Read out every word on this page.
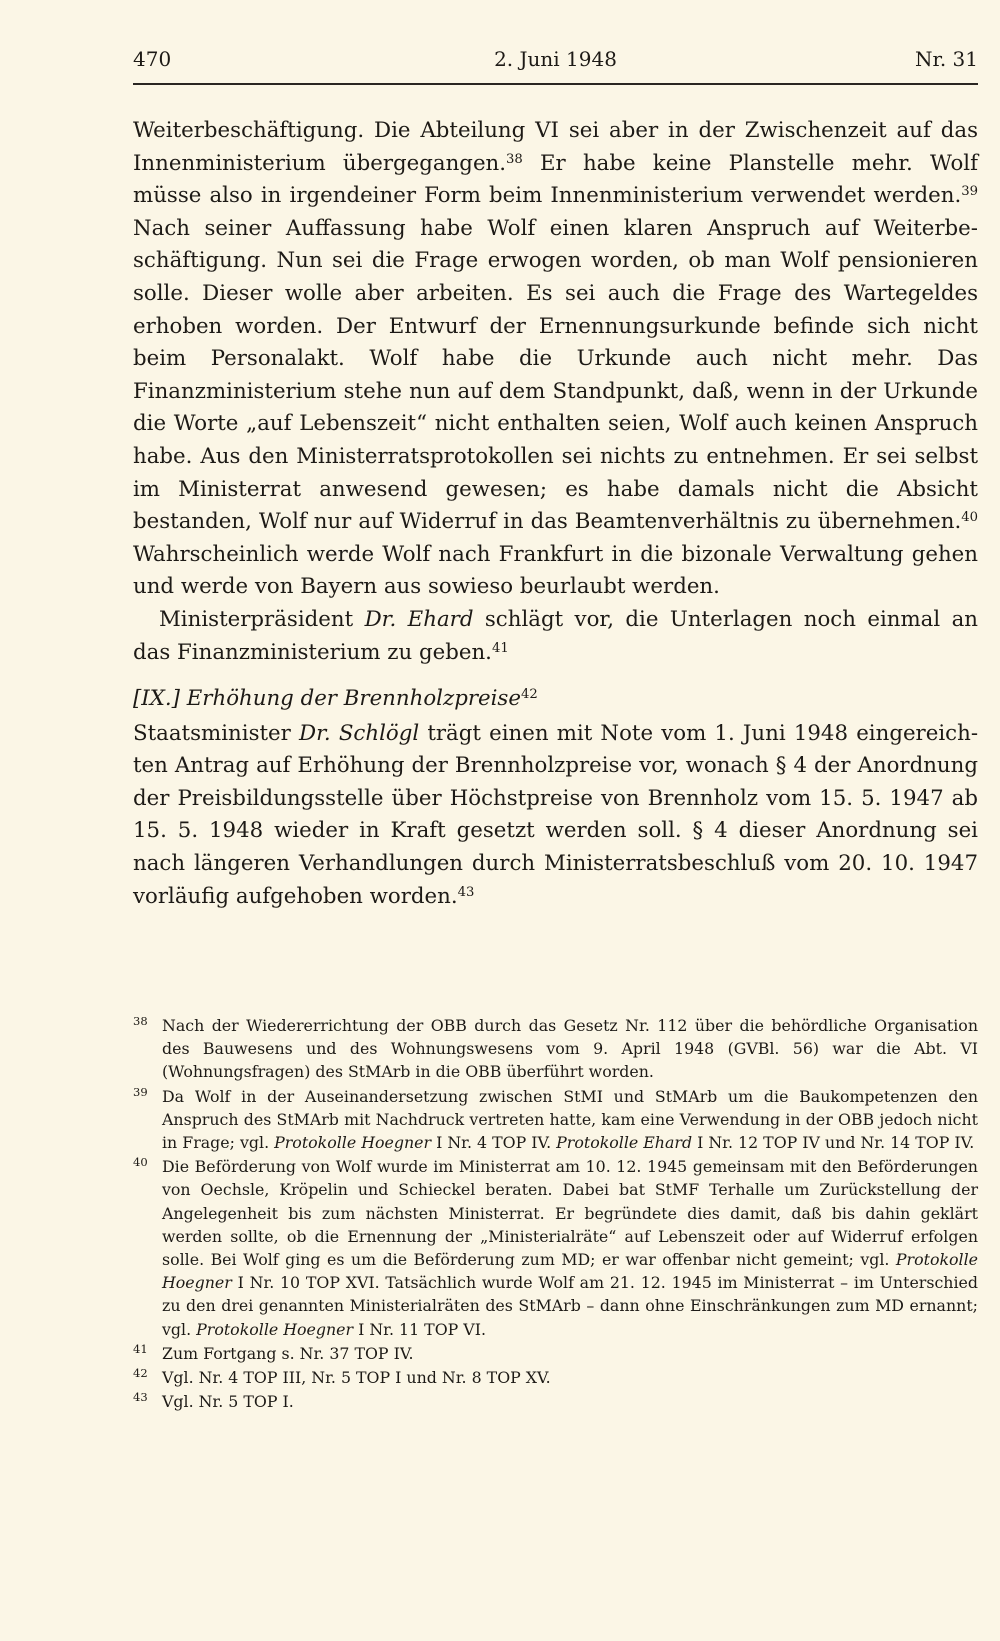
470	2. Juni 1948	Nr. 31

Weiterbeschäftigung. Die Abteilung VI sei aber in der Zwischenzeit auf das Innenministerium übergegangen.$^{38}$ Er habe keine Planstelle mehr. Wolf müsse also in irgendeiner Form beim Innenministerium verwendet werden.$^{39}$ Nach seiner Auffassung habe Wolf einen klaren Anspruch auf Weiterbeschäftigung. Nun sei die Frage erwogen worden, ob man Wolf pensionieren solle. Dieser wolle aber arbeiten. Es sei auch die Frage des Wartegeldes erhoben worden. Der Entwurf der Ernennungsurkunde befinde sich nicht beim Personalakt. Wolf habe die Urkunde auch nicht mehr. Das Finanzministerium stehe nun auf dem Standpunkt, daß, wenn in der Urkunde die Worte „auf Lebenszeit“ nicht enthalten seien, Wolf auch keinen Anspruch habe. Aus den Ministerratsprotokollen sei nichts zu entnehmen. Er sei selbst im Ministerrat anwesend gewesen; es habe damals nicht die Absicht bestanden, Wolf nur auf Widerruf in das Beamtenverhältnis zu übernehmen.$^{40}$ Wahrscheinlich werde Wolf nach Frankfurt in die bizonale Verwaltung gehen und werde von Bayern aus sowieso beurlaubt werden.

Ministerpräsident Dr. Ehard schlägt vor, die Unterlagen noch einmal an das Finanzministerium zu geben.$^{41}$

[IX.] Erhöhung der Brennholzpreise$^{42}$

Staatsminister Dr. Schlögl trägt einen mit Note vom 1. Juni 1948 eingereichten Antrag auf Erhöhung der Brennholzpreise vor, wonach § 4 der Anordnung der Preisbildungsstelle über Höchstpreise von Brennholz vom 15. 5. 1947 ab 15. 5. 1948 wieder in Kraft gesetzt werden soll. § 4 dieser Anordnung sei nach längeren Verhandlungen durch Ministerratsbeschluß vom 20. 10. 1947 vorläufig aufgehoben worden.$^{43}$

38 Nach der Wiedererrichtung der OBB durch das Gesetz Nr. 112 über die behördliche Organisation des Bauwesens und des Wohnungswesens vom 9. April 1948 (GVBl. 56) war die Abt. VI (Wohnungsfragen) des StMArb in die OBB überführt worden.
39 Da Wolf in der Auseinandersetzung zwischen StMI und StMArb um die Baukompetenzen den Anspruch des StMArb mit Nachdruck vertreten hatte, kam eine Verwendung in der OBB jedoch nicht in Frage; vgl. Protokolle Hoegner I Nr. 4 TOP IV. Protokolle Ehard I Nr. 12 TOP IV und Nr. 14 TOP IV.
40 Die Beförderung von Wolf wurde im Ministerrat am 10. 12. 1945 gemeinsam mit den Beförderungen von Oechsle, Kröpelin und Schieckel beraten. Dabei bat StMF Terhalle um Zurückstellung der Angelegenheit bis zum nächsten Ministerrat. Er begründete dies damit, daß bis dahin geklärt werden sollte, ob die Ernennung der „Ministerialräte“ auf Lebenszeit oder auf Widerruf erfolgen solle. Bei Wolf ging es um die Beförderung zum MD; er war offenbar nicht gemeint; vgl. Protokolle Hoegner I Nr. 10 TOP XVI. Tatsächlich wurde Wolf am 21. 12. 1945 im Ministerrat – im Unterschied zu den drei genannten Ministerialräten des StMArb – dann ohne Einschränkungen zum MD ernannt; vgl. Protokolle Hoegner I Nr. 11 TOP VI.
41 Zum Fortgang s. Nr. 37 TOP IV.
42 Vgl. Nr. 4 TOP III, Nr. 5 TOP I und Nr. 8 TOP XV.
43 Vgl. Nr. 5 TOP I.
